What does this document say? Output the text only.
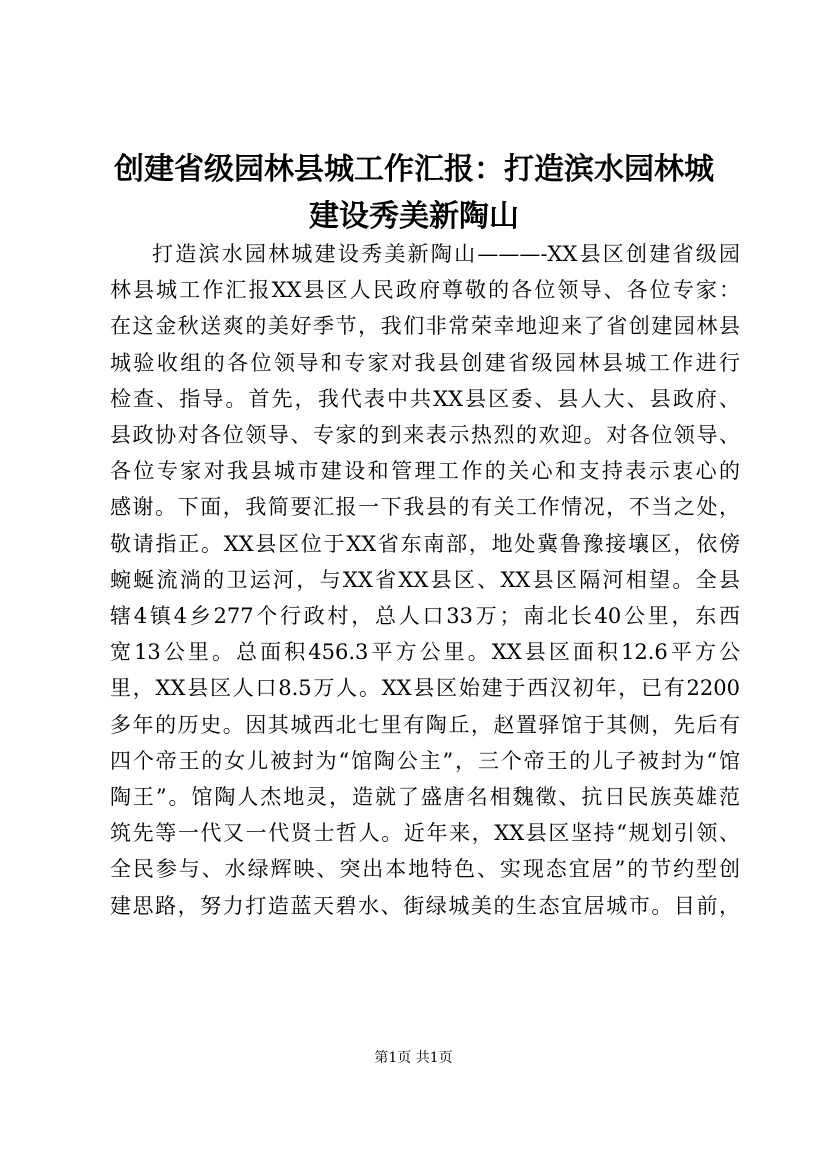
创建省级园林县城工作汇报：打造滨水园林城
建设秀美新陶山
打造滨水园林城建设秀美新陶山———-XX县区创建省级园
林县城工作汇报XX县区人民政府尊敬的各位领导、各位专家：
在这金秋送爽的美好季节，我们非常荣幸地迎来了省创建园林县
城验收组的各位领导和专家对我县创建省级园林县城工作进行
检查、指导。首先，我代表中共XX县区委、县人大、县政府、
县政协对各位领导、专家的到来表示热烈的欢迎。对各位领导、
各位专家对我县城市建设和管理工作的关心和支持表示衷心的
感谢。下面，我简要汇报一下我县的有关工作情况，不当之处，
敬请指正。XX县区位于XX省东南部，地处冀鲁豫接壤区，依傍
蜿蜒流淌的卫运河，与XX省XX县区、XX县区隔河相望。全县
辖4镇4乡277个行政村，总人口33万；南北长40公里，东西
宽13公里。总面积456.3平方公里。XX县区面积12.6平方公
里，XX县区人口8.5万人。XX县区始建于西汉初年，已有2200
多年的历史。因其城西北七里有陶丘，赵置驿馆于其侧，先后有
四个帝王的女儿被封为“馆陶公主”，三个帝王的儿子被封为“馆
陶王”。馆陶人杰地灵，造就了盛唐名相魏徵、抗日民族英雄范
筑先等一代又一代贤士哲人。近年来，XX县区坚持“规划引领、
全民参与、水绿辉映、突出本地特色、实现态宜居”的节约型创
建思路，努力打造蓝天碧水、街绿城美的生态宜居城市。目前，
第1页 共1页
